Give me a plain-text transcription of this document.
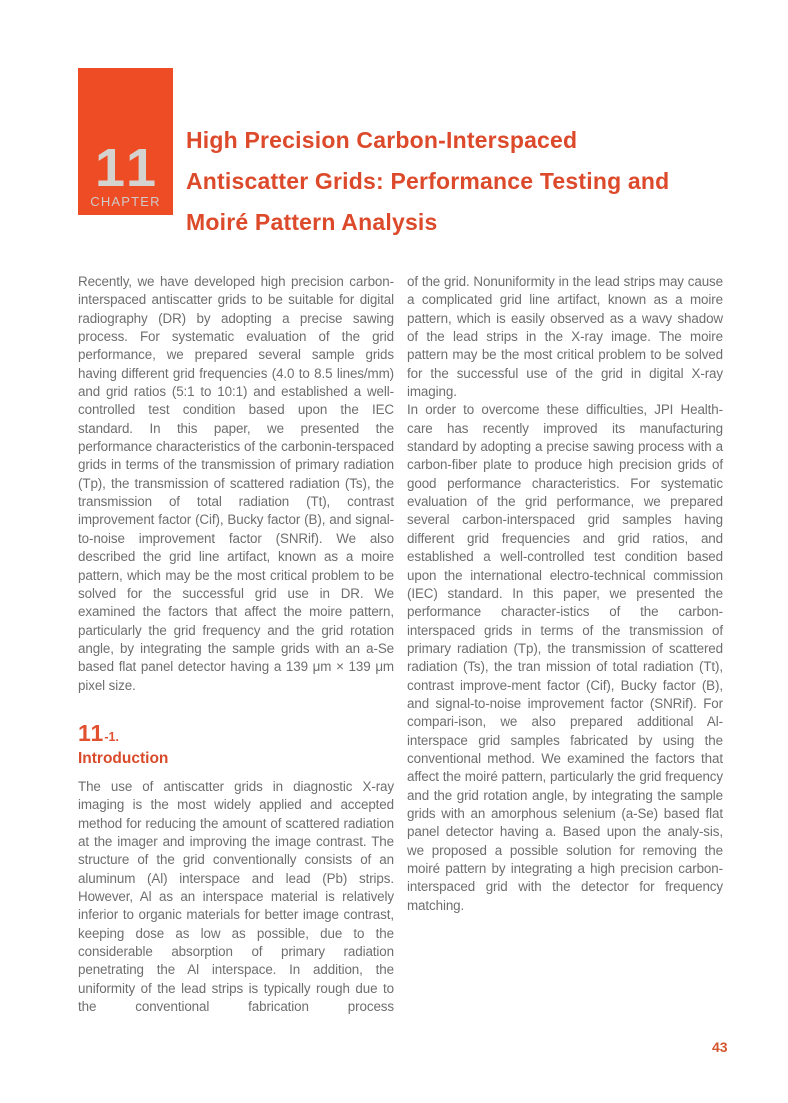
11
CHAPTER
High Precision Carbon-Interspaced
Antiscatter Grids: Performance Testing and
Moiré Pattern Analysis

Recently, we have developed high precision carbon-interspaced antiscatter grids to be suitable for digital radiography (DR) by adopting a precise sawing process. For systematic evaluation of the grid performance, we prepared several sample grids having different grid frequencies (4.0 to 8.5 lines/mm) and grid ratios (5:1 to 10:1) and established a well-controlled test condition based upon the IEC standard. In this paper, we presented the performance characteristics of the carbonin-terspaced grids in terms of the transmission of primary radiation (Tp), the transmission of scattered radiation (Ts), the transmission of total radiation (Tt), contrast improvement factor (Cif), Bucky factor (B), and signal-to-noise improvement factor (SNRif). We also described the grid line artifact, known as a moire pattern, which may be the most critical problem to be solved for the successful grid use in DR. We examined the factors that affect the moire pattern, particularly the grid frequency and the grid rotation angle, by integrating the sample grids with an a-Se based flat panel detector having a 139 μm × 139 μm pixel size.

11-1.
Introduction

The use of antiscatter grids in diagnostic X-ray imaging is the most widely applied and accepted method for reducing the amount of scattered radiation at the imager and improving the image contrast. The structure of the grid conventionally consists of an aluminum (Al) interspace and lead (Pb) strips. However, Al as an interspace material is relatively inferior to organic materials for better image contrast, keeping dose as low as possible, due to the considerable absorption of primary radiation penetrating the Al interspace. In addition, the uniformity of the lead strips is typically rough due to the conventional fabrication process

of the grid. Nonuniformity in the lead strips may cause a complicated grid line artifact, known as a moire pattern, which is easily observed as a wavy shadow of the lead strips in the X-ray image. The moire pattern may be the most critical problem to be solved for the successful use of the grid in digital X-ray imaging.

In order to overcome these difficulties, JPI Health-care has recently improved its manufacturing standard by adopting a precise sawing process with a carbon-fiber plate to produce high precision grids of good performance characteristics. For systematic evaluation of the grid performance, we prepared several carbon-interspaced grid samples having different grid frequencies and grid ratios, and established a well-controlled test condition based upon the international electro-technical commission (IEC) standard. In this paper, we presented the performance character-istics of the carbon-interspaced grids in terms of the transmission of primary radiation (Tp), the transmission of scattered radiation (Ts), the tran mission of total radiation (Tt), contrast improve-ment factor (Cif), Bucky factor (B), and signal-to-noise improvement factor (SNRif). For compari-ison, we also prepared additional Al-interspace grid samples fabricated by using the conventional method. We examined the factors that affect the moiré pattern, particularly the grid frequency and the grid rotation angle, by integrating the sample grids with an amorphous selenium (a-Se) based flat panel detector having a. Based upon the analy-sis, we proposed a possible solution for removing the moiré pattern by integrating a high precision carbon-interspaced grid with the detector for frequency matching.

43
